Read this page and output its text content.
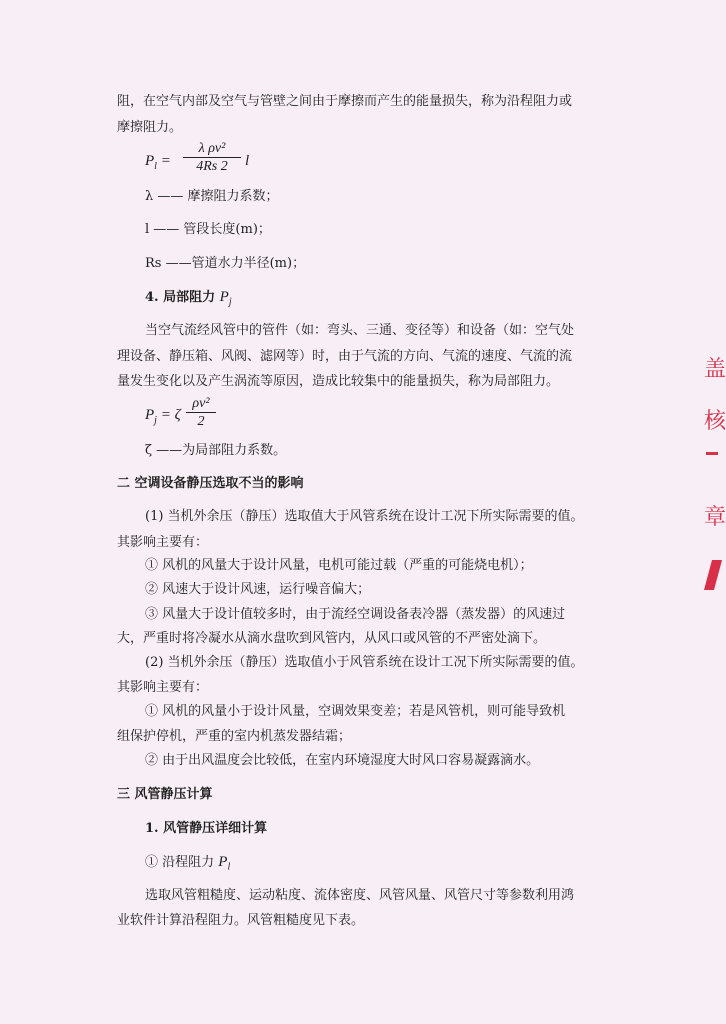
阻，在空气内部及空气与管壁之间由于摩擦而产生的能量损失，称为沿程阻力或
摩擦阻力。
$P_l = \frac{\text{λ ρv²}}{4Rs 2}$ l
λ —— 摩擦阻力系数；
l —— 管段长度(m)；
Rs ——管道水力半径(m)；
4. 局部阻力 $P_j$
当空气流经风管中的管件（如：弯头、三通、变径等）和设备（如：空气处
理设备、静压箱、风阀、滤网等）时，由于气流的方向、气流的速度、气流的流
量发生变化以及产生涡流等原因，造成比较集中的能量损失，称为局部阻力。
$P_j = \zeta \frac{\text{ρv²}}{2}$
ζ ——为局部阻力系数。
二 空调设备静压选取不当的影响
(1) 当机外余压（静压）选取值大于风管系统在设计工况下所实际需要的值。
其影响主要有：
① 风机的风量大于设计风量，电机可能过载（严重的可能烧电机）；
② 风速大于设计风速，运行噪音偏大；
③ 风量大于设计值较多时，由于流经空调设备表冷器（蒸发器）的风速过
大，严重时将冷凝水从滴水盘吹到风管内，从风口或风管的不严密处滴下。
(2) 当机外余压（静压）选取值小于风管系统在设计工况下所实际需要的值。
其影响主要有：
① 风机的风量小于设计风量，空调效果变差；若是风管机，则可能导致机
组保护停机，严重的室内机蒸发器结霜；
② 由于出风温度会比较低，在室内环境湿度大时风口容易凝露滴水。
三 风管静压计算
1. 风管静压详细计算
① 沿程阻力 $P_l$
选取风管粗糙度、运动粘度、流体密度、风管风量、风管尺寸等参数利用鸿
业软件计算沿程阻力。风管粗糙度见下表。
盖
核
章
